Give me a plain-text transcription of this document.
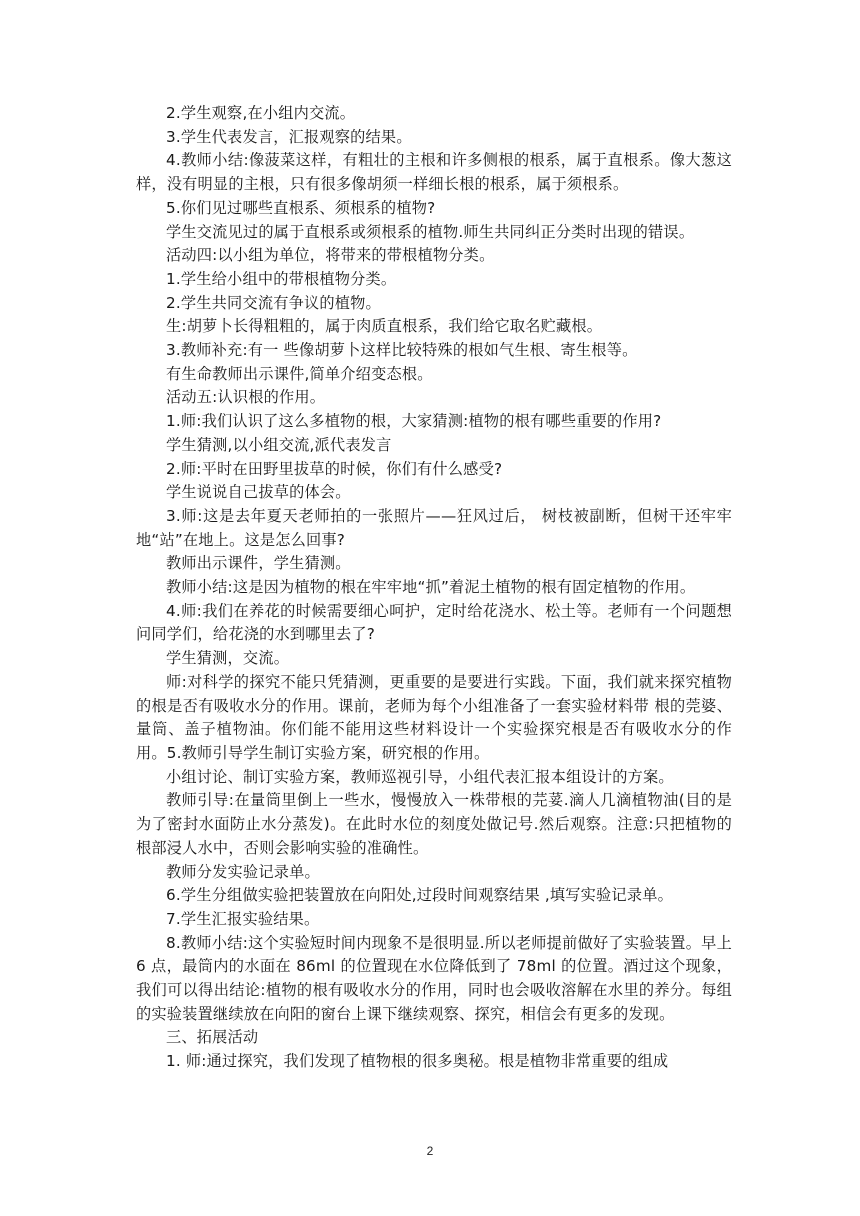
2.学生观察,在小组内交流。

3.学生代表发言，汇报观察的结果。

4.教师小结:像菠菜这样，有粗壮的主根和许多侧根的根系，属于直根系。像大葱这样，没有明显的主根，只有很多像胡须一样细长根的根系，属于须根系。

5.你们见过哪些直根系、须根系的植物?

学生交流见过的属于直根系或须根系的植物.师生共同纠正分类时出现的错误。

活动四:以小组为单位，将带来的带根植物分类。

1.学生给小组中的带根植物分类。

2.学生共同交流有争议的植物。

生:胡萝卜长得粗粗的，属于肉质直根系，我们给它取名贮藏根。

3.教师补充:有一 些像胡萝卜这样比较特殊的根如气生根、寄生根等。

有生命教师出示课件,简单介绍变态根。

活动五:认识根的作用。

1.师:我们认识了这么多植物的根，大家猜测:植物的根有哪些重要的作用?

学生猜测,以小组交流,派代表发言

2.师:平时在田野里拔草的时候，你们有什么感受?

学生说说自己拔草的体会。

3.师:这是去年夏天老师拍的一张照片——狂风过后， 树枝被副断，但树干还牢牢地“站”在地上。这是怎么回事?

教师出示课件，学生猜测。

教师小结:这是因为植物的根在牢牢地“抓”着泥土植物的根有固定植物的作用。

4.师:我们在养花的时候需要细心呵护，定时给花浇水、松土等。老师有一个问题想问同学们，给花浇的水到哪里去了?

学生猜测，交流。

师:对科学的探究不能只凭猜测，更重要的是要进行实践。下面，我们就来探究植物的根是否有吸收水分的作用。课前，老师为每个小组准备了一套实验材料带 根的莞婆、量筒、盖子植物油。你们能不能用这些材料设计一个实验探究根是否有吸收水分的作用。5.教师引导学生制订实验方案，研究根的作用。

小组讨论、制订实验方案，教师巡视引导，小组代表汇报本组设计的方案。

教师引导:在量筒里倒上一些水，慢慢放入一株带根的芫荽.滴人几滴植物油(目的是为了密封水面防止水分蒸发)。在此时水位的刻度处做记号.然后观察。注意:只把植物的根部浸人水中，否则会影响实验的准确性。

教师分发实验记录单。

6.学生分组做实验把装置放在向阳处,过段时间观察结果 ,填写实验记录单。

7.学生汇报实验结果。

8.教师小结:这个实验短时间内现象不是很明显.所以老师提前做好了实验装置。早上 6 点，最筒内的水面在 86ml 的位置现在水位降低到了 78ml 的位置。酒过这个现象，我们可以得出结论:植物的根有吸收水分的作用，同时也会吸收溶解在水里的养分。每组的实验装置继续放在向阳的窗台上课下继续观察、探究，相信会有更多的发现。

三、拓展活动

1. 师:通过探究，我们发现了植物根的很多奥秘。根是植物非常重要的组成

2
